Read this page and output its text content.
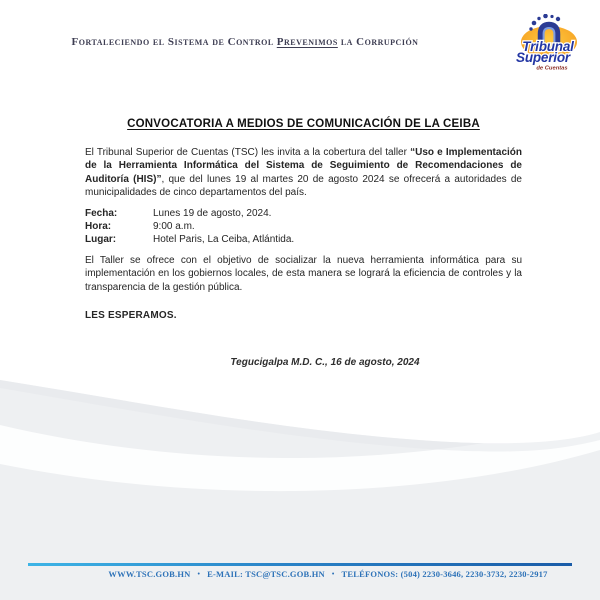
Fortaleciendo el Sistema de Control Prevenimos la Corrupción	Tribunal
Superior
de Cuentas
CONVOCATORIA A MEDIOS DE COMUNICACIÓN DE LA CEIBA

El Tribunal Superior de Cuentas (TSC) les invita a la cobertura del taller “Uso e Implementación de la Herramienta Informática del Sistema de Seguimiento de Recomendaciones de Auditoría (HIS)”, que del lunes 19 al martes 20 de agosto 2024 se ofrecerá a autoridades de municipalidades de cinco departamentos del país.

Fecha:	Lunes 19 de agosto, 2024.
Hora:	9:00 a.m.
Lugar:	Hotel Paris, La Ceiba, Atlántida.

El Taller se ofrece con el objetivo de socializar la nueva herramienta informática para su implementación en los gobiernos locales, de esta manera se logrará la eficiencia de controles y la transparencia de la gestión pública.

LES ESPERAMOS.

Tegucigalpa M.D. C., 16 de agosto, 2024
WWW.TSC.GOB.HN • E-MAIL: TSC@TSC.GOB.HN • TELÉFONOS: (504) 2230-3646, 2230-3732, 2230-2917
